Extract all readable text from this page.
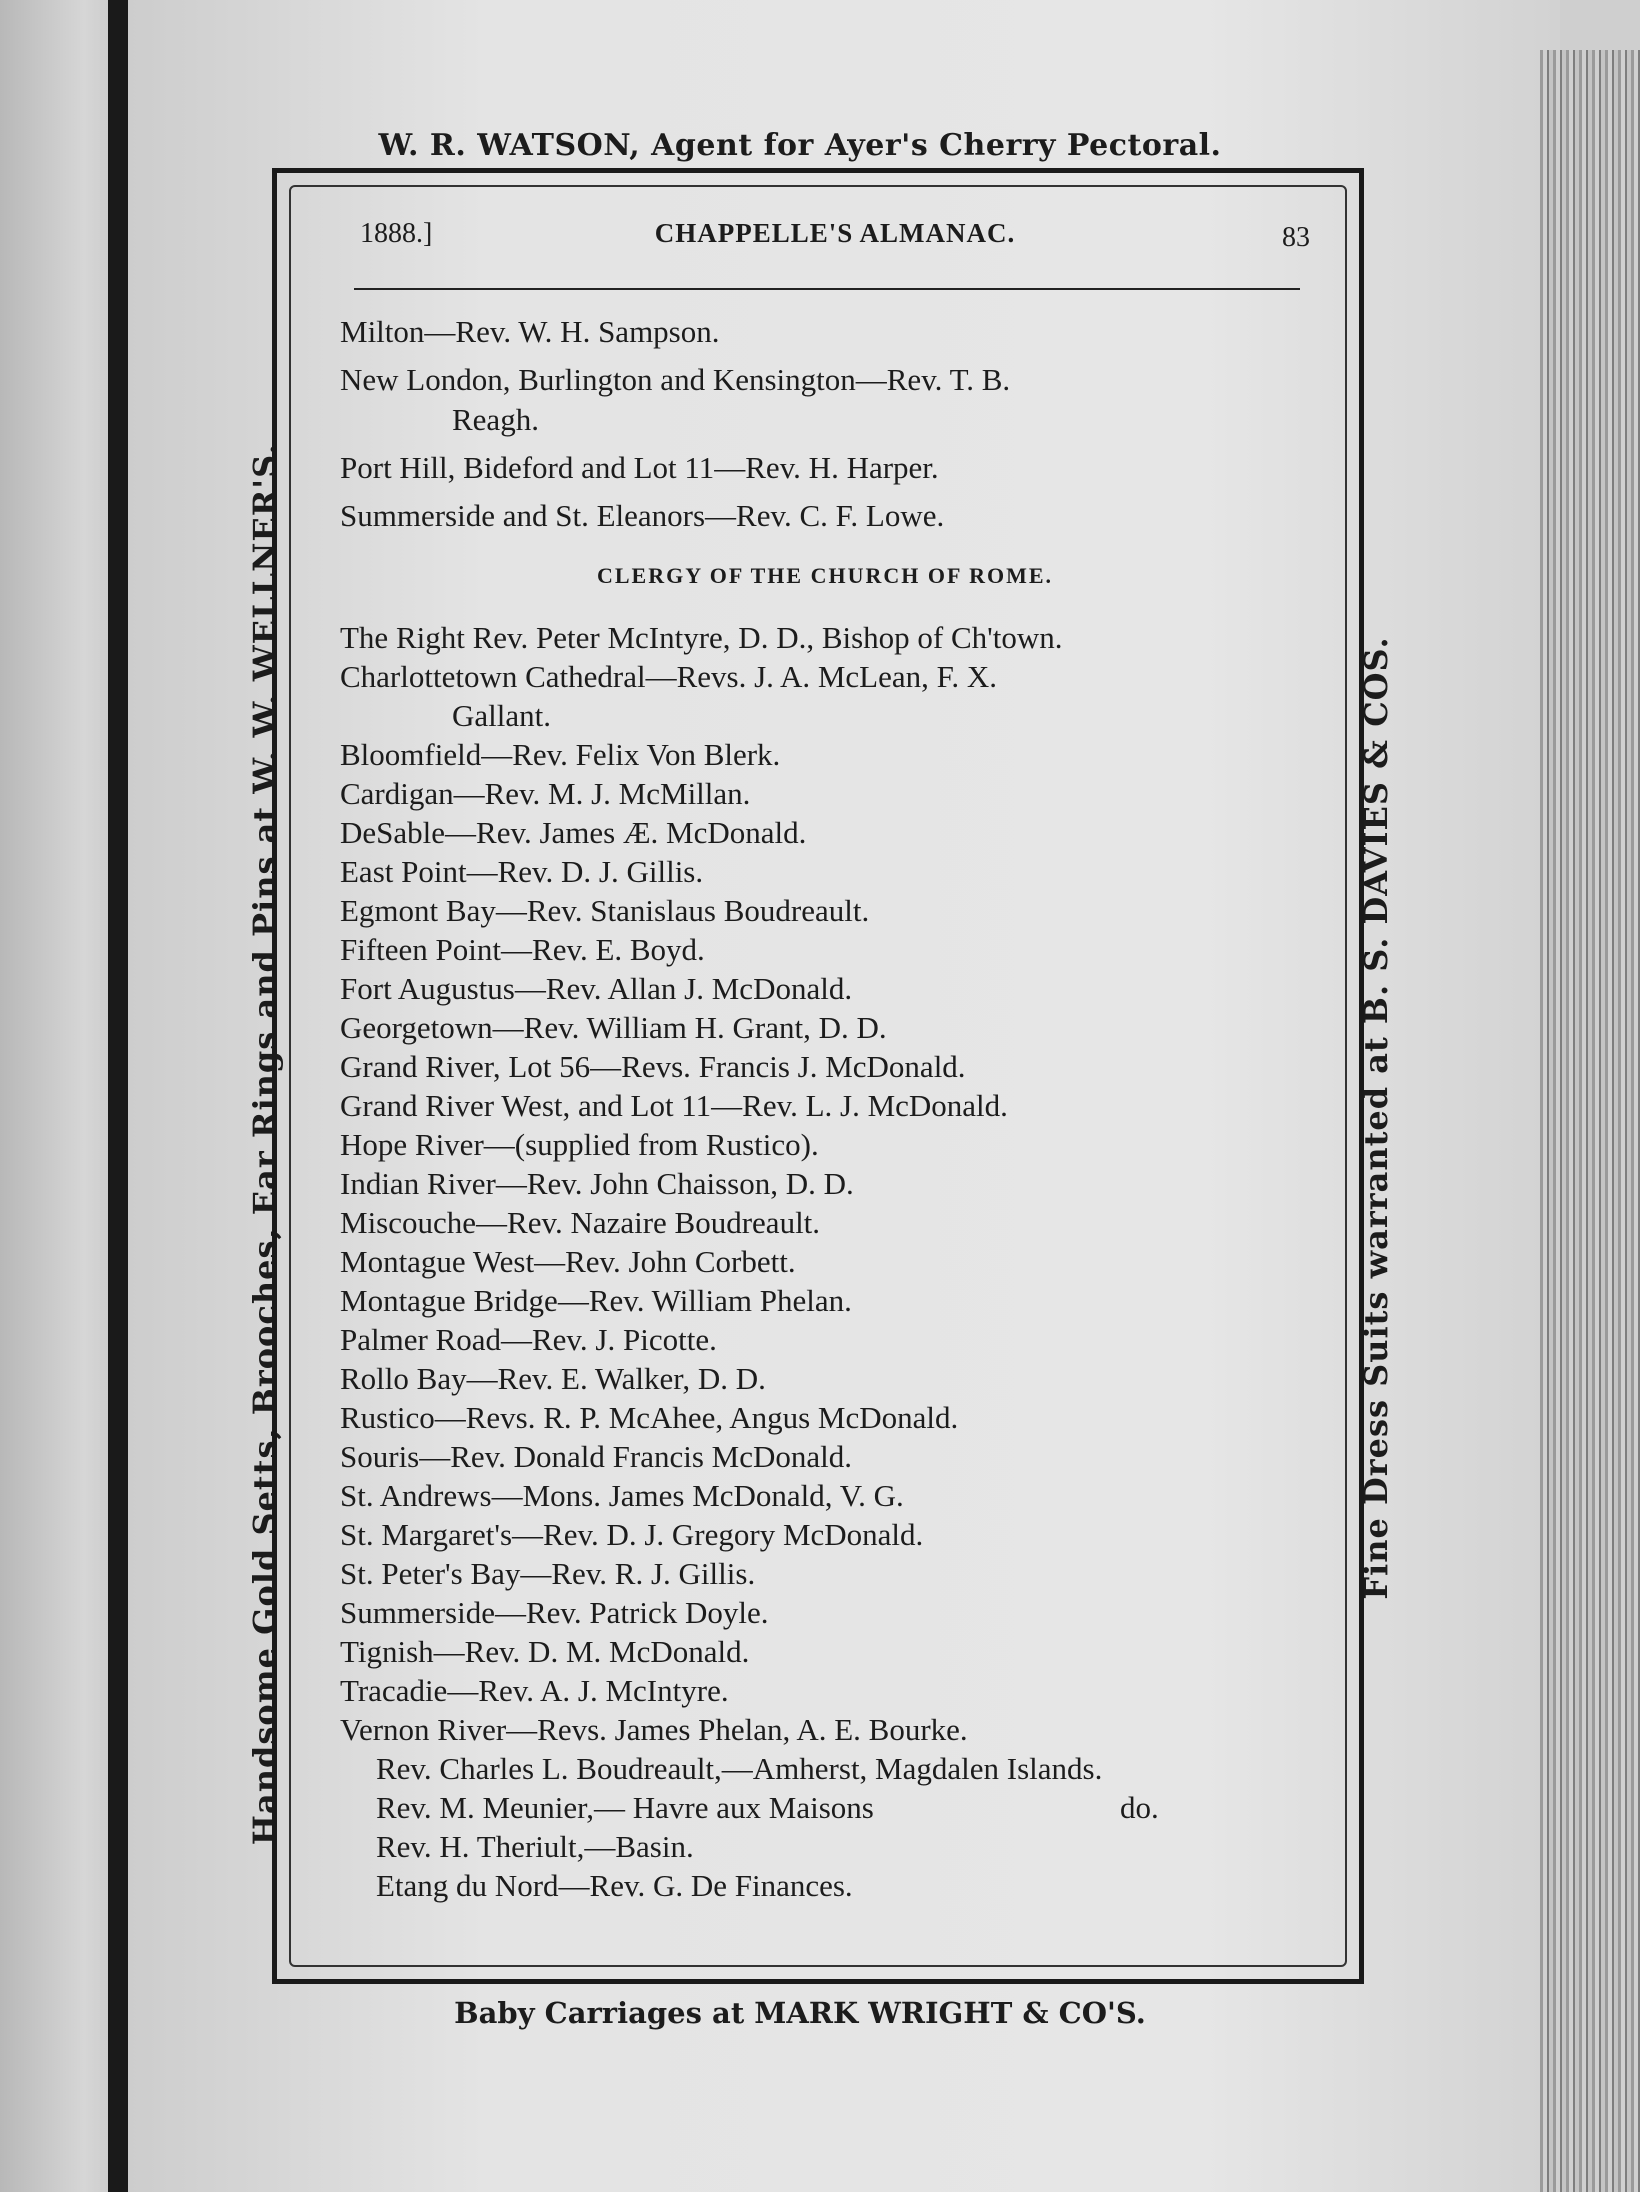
W. R. WATSON, Agent for Ayer's Cherry Pectoral.
Handsome Gold Setts, Brooches, Ear Rings and Pins at W. W. WELLNER'S.	Fine Dress Suits warranted at B. S. DAVIES & COS.
1888.]	CHAPPELLE'S ALMANAC.	83

Milton—Rev. W. H. Sampson.

New London, Burlington and Kensington—Rev. T. B.
Reagh.

Port Hill, Bideford and Lot 11—Rev. H. Harper.

Summerside and St. Eleanors—Rev. C. F. Lowe.

CLERGY OF THE CHURCH OF ROME.

The Right Rev. Peter McIntyre, D. D., Bishop of Ch'town.

Charlottetown Cathedral—Revs. J. A. McLean, F. X.
Gallant.

Bloomfield—Rev. Felix Von Blerk.

Cardigan—Rev. M. J. McMillan.

DeSable—Rev. James Æ. McDonald.

East Point—Rev. D. J. Gillis.

Egmont Bay—Rev. Stanislaus Boudreault.

Fifteen Point—Rev. E. Boyd.

Fort Augustus—Rev. Allan J. McDonald.

Georgetown—Rev. William H. Grant, D. D.

Grand River, Lot 56—Revs. Francis J. McDonald.

Grand River West, and Lot 11—Rev. L. J. McDonald.

Hope River—(supplied from Rustico).

Indian River—Rev. John Chaisson, D. D.

Miscouche—Rev. Nazaire Boudreault.

Montague West—Rev. John Corbett.

Montague Bridge—Rev. William Phelan.

Palmer Road—Rev. J. Picotte.

Rollo Bay—Rev. E. Walker, D. D.

Rustico—Revs. R. P. McAhee, Angus McDonald.

Souris—Rev. Donald Francis McDonald.

St. Andrews—Mons. James McDonald, V. G.

St. Margaret's—Rev. D. J. Gregory McDonald.

St. Peter's Bay—Rev. R. J. Gillis.

Summerside—Rev. Patrick Doyle.

Tignish—Rev. D. M. McDonald.

Tracadie—Rev. A. J. McIntyre.

Vernon River—Revs. James Phelan, A. E. Bourke.

Rev. Charles L. Boudreault,—Amherst, Magdalen Islands.

Rev. M. Meunier,— Havre aux Maisons	do.

Rev. H. Theriult,—Basin.

Etang du Nord—Rev. G. De Finances.

Baby Carriages at MARK WRIGHT & CO'S.
